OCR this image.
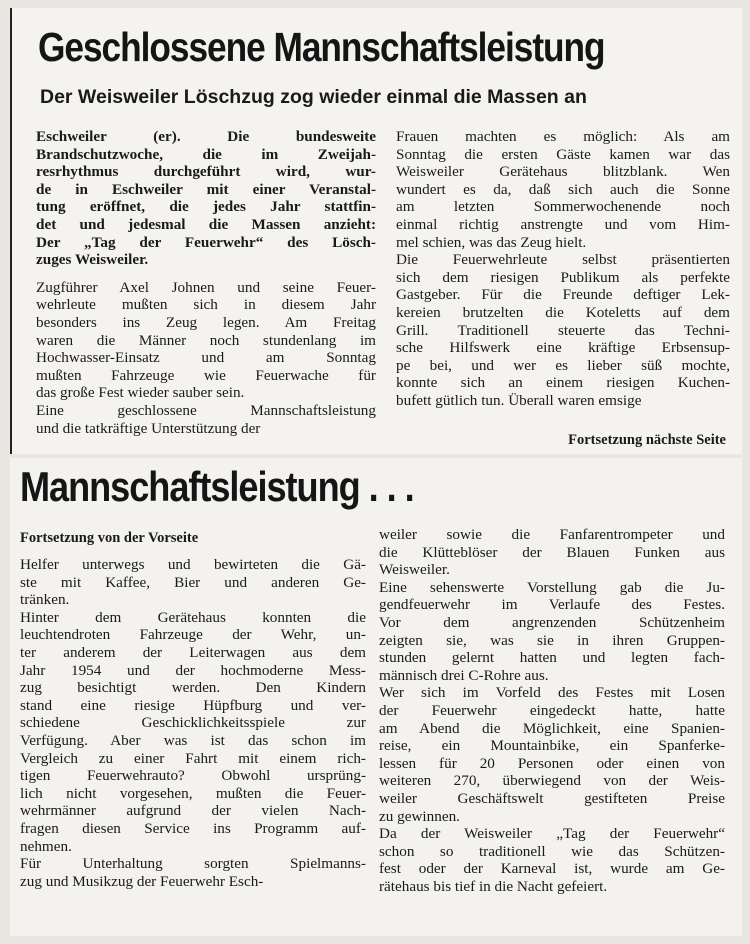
Geschlossene Mannschaftsleistung
Der Weisweiler Löschzug zog wieder einmal die Massen an

Eschweiler (er). Die bundesweite

Brandschutzwoche, die im Zweijah-

resrhythmus durchgeführt wird, wur-

de in Eschweiler mit einer Veranstal-

tung eröffnet, die jedes Jahr stattfin-

det und jedesmal die Massen anzieht:

Der „Tag der Feuerwehr“ des Lösch-

zuges Weisweiler.

Zugführer Axel Johnen und seine Feuer-

wehrleute mußten sich in diesem Jahr

besonders ins Zeug legen. Am Freitag

waren die Männer noch stundenlang im

Hochwasser-Einsatz und am Sonntag

mußten Fahrzeuge wie Feuerwache für

das große Fest wieder sauber sein.

Eine geschlossene Mannschaftsleistung

und die tatkräftige Unterstützung der

Frauen machten es möglich: Als am

Sonntag die ersten Gäste kamen war das

Weisweiler Gerätehaus blitzblank. Wen

wundert es da, daß sich auch die Sonne

am letzten Sommerwochenende noch

einmal richtig anstrengte und vom Him-

mel schien, was das Zeug hielt.

Die Feuerwehrleute selbst präsentierten

sich dem riesigen Publikum als perfekte

Gastgeber. Für die Freunde deftiger Lek-

kereien brutzelten die Koteletts auf dem

Grill. Traditionell steuerte das Techni-

sche Hilfswerk eine kräftige Erbsensup-

pe bei, und wer es lieber süß mochte,

konnte sich an einem riesigen Kuchen-

bufett gütlich tun. Überall waren emsige

Fortsetzung nächste Seite
Mannschaftsleistung . . .
Fortsetzung von der Vorseite

Helfer unterwegs und bewirteten die Gä-

ste mit Kaffee, Bier und anderen Ge-

tränken.

Hinter dem Gerätehaus konnten die

leuchtendroten Fahrzeuge der Wehr, un-

ter anderem der Leiterwagen aus dem

Jahr 1954 und der hochmoderne Mess-

zug besichtigt werden. Den Kindern

stand eine riesige Hüpfburg und ver-

schiedene Geschicklichkeitsspiele zur

Verfügung. Aber was ist das schon im

Vergleich zu einer Fahrt mit einem rich-

tigen Feuerwehrauto? Obwohl ursprüng-

lich nicht vorgesehen, mußten die Feuer-

wehrmänner aufgrund der vielen Nach-

fragen diesen Service ins Programm auf-

nehmen.

Für Unterhaltung sorgten Spielmanns-

zug und Musikzug der Feuerwehr Esch-

weiler sowie die Fanfarentrompeter und

die Klütteblöser der Blauen Funken aus

Weisweiler.

Eine sehenswerte Vorstellung gab die Ju-

gendfeuerwehr im Verlaufe des Festes.

Vor dem angrenzenden Schützenheim

zeigten sie, was sie in ihren Gruppen-

stunden gelernt hatten und legten fach-

männisch drei C-Rohre aus.

Wer sich im Vorfeld des Festes mit Losen

der Feuerwehr eingedeckt hatte, hatte

am Abend die Möglichkeit, eine Spanien-

reise, ein Mountainbike, ein Spanferke-

lessen für 20 Personen oder einen von

weiteren 270, überwiegend von der Weis-

weiler Geschäftswelt gestifteten Preise

zu gewinnen.

Da der Weisweiler „Tag der Feuerwehr“

schon so traditionell wie das Schützen-

fest oder der Karneval ist, wurde am Ge-

rätehaus bis tief in die Nacht gefeiert.
